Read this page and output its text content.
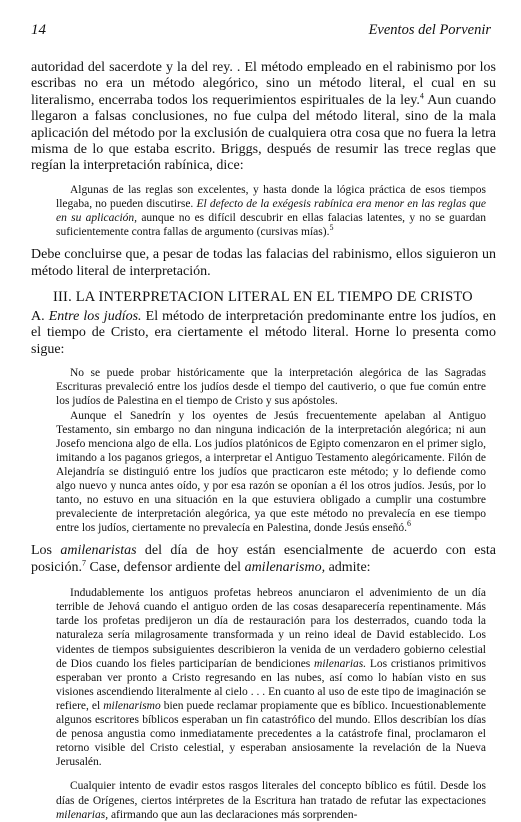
14	Eventos del Porvenir

autoridad del sacerdote y la del rey. . El método empleado en el rabinismo por los escribas no era un método alegórico, sino un método literal, el cual en su literalismo, encerraba todos los requerimientos espirituales de la ley.$^4$ Aun cuando llegaron a falsas conclusiones, no fue culpa del método literal, sino de la mala aplicación del método por la exclusión de cualquiera otra cosa que no fuera la letra misma de lo que estaba escrito. Briggs, después de resumir las trece reglas que regían la interpretación rabínica, dice:

Algunas de las reglas son excelentes, y hasta donde la lógica práctica de esos tiempos llegaba, no pueden discutirse. El defecto de la exégesis rabínica era menor en las reglas que en su aplicación, aunque no es difícil descubrir en ellas falacias latentes, y no se guardan suficientemente contra fallas de argumento (cursivas mías).$^5$

Debe concluirse que, a pesar de todas las falacias del rabinismo, ellos siguieron un método literal de interpretación.

III. LA INTERPRETACION LITERAL EN EL TIEMPO DE CRISTO

A. Entre los judíos. El método de interpretación predominante entre los judíos, en el tiempo de Cristo, era ciertamente el método literal. Horne lo presenta como sigue:

No se puede probar históricamente que la interpretación alegórica de las Sagradas Escrituras prevaleció entre los judíos desde el tiempo del cautiverio, o que fue común entre los judíos de Palestina en el tiempo de Cristo y sus apóstoles.

Aunque el Sanedrín y los oyentes de Jesús frecuentemente apelaban al Antiguo Testamento, sin embargo no dan ninguna indicación de la interpretación alegórica; ni aun Josefo menciona algo de ella. Los judíos platónicos de Egipto comenzaron en el primer siglo, imitando a los paganos griegos, a interpretar el Antiguo Testamento alegóricamente. Filón de Alejandría se distinguió entre los judíos que practicaron este método; y lo defiende como algo nuevo y nunca antes oído, y por esa razón se oponían a él los otros judíos. Jesús, por lo tanto, no estuvo en una situación en la que estuviera obligado a cumplir una costumbre prevaleciente de interpretación alegórica, ya que este método no prevalecía en ese tiempo entre los judíos, ciertamente no prevalecía en Palestina, donde Jesús enseñó.$^6$

Los amilenaristas del día de hoy están esencialmente de acuerdo con esta posición.$^7$ Case, defensor ardiente del amilenarismo, admite:

Indudablemente los antiguos profetas hebreos anunciaron el advenimiento de un día terrible de Jehová cuando el antiguo orden de las cosas desaparecería repentinamente. Más tarde los profetas predijeron un día de restauración para los desterrados, cuando toda la naturaleza sería milagrosamente transformada y un reino ideal de David establecido. Los videntes de tiempos subsiguientes describieron la venida de un verdadero gobierno celestial de Dios cuando los fieles participarían de bendiciones milenarias. Los cristianos primitivos esperaban ver pronto a Cristo regresando en las nubes, así como lo habían visto en sus visiones ascendiendo literalmente al cielo . . . En cuanto al uso de este tipo de imaginación se refiere, el milenarismo bien puede reclamar propiamente que es bíblico. Incuestionablemente algunos escritores bíblicos esperaban un fin catastrófico del mundo. Ellos describían los días de penosa angustia como inmediatamente precedentes a la catástrofe final, proclamaron el retorno visible del Cristo celestial, y esperaban ansiosamente la revelación de la Nueva Jerusalén.

Cualquier intento de evadir estos rasgos literales del concepto bíblico es fútil. Desde los días de Orígenes, ciertos intérpretes de la Escritura han tratado de refutar las expectaciones milenarias, afirmando que aun las declaraciones más sorprenden-
